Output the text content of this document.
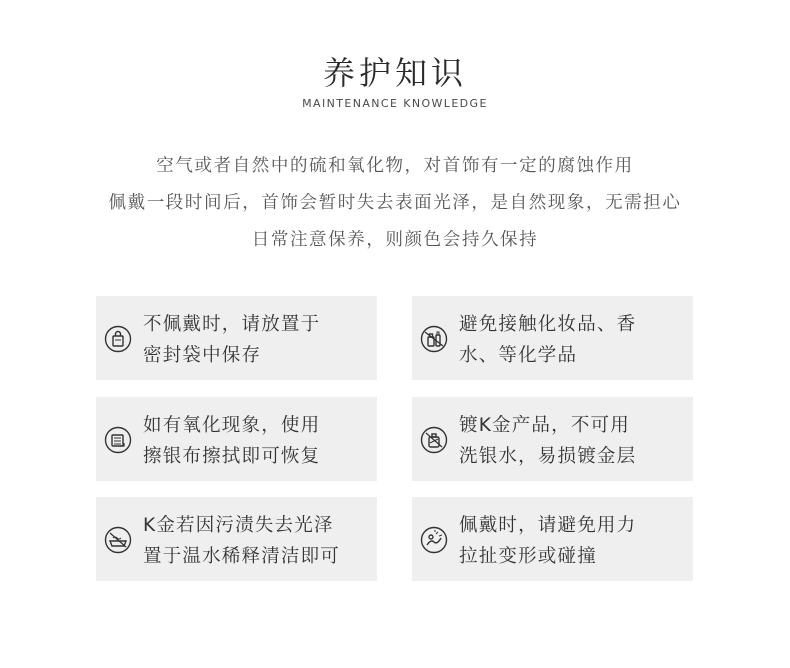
养护知识
MAINTENANCE KNOWLEDGE
空气或者自然中的硫和氧化物，对首饰有一定的腐蚀作用
佩戴一段时间后，首饰会暂时失去表面光泽，是自然现象，无需担心
日常注意保养，则颜色会持久保持
不佩戴时，请放置于
密封袋中保存
避免接触化妆品、香
水、等化学品
如有氧化现象，使用
擦银布擦拭即可恢复
镀K金产品，不可用
洗银水，易损镀金层
K金若因污渍失去光泽
置于温水稀释清洁即可
佩戴时，请避免用力
拉扯变形或碰撞
